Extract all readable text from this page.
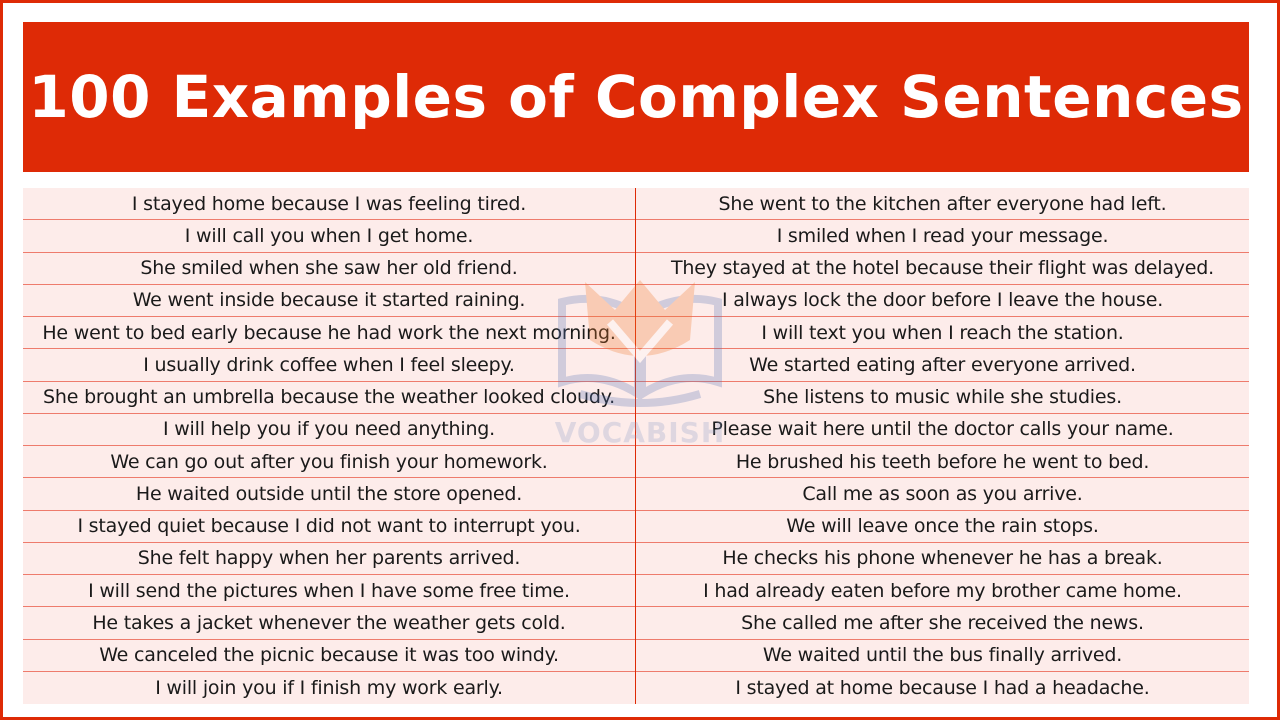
100 Examples of Complex Sentences
I stayed home because I was feeling tired.
I will call you when I get home.
She smiled when she saw her old friend.
We went inside because it started raining.
He went to bed early because he had work the next morning.
I usually drink coffee when I feel sleepy.
She brought an umbrella because the weather looked cloudy.
I will help you if you need anything.
We can go out after you finish your homework.
He waited outside until the store opened.
I stayed quiet because I did not want to interrupt you.
She felt happy when her parents arrived.
I will send the pictures when I have some free time.
He takes a jacket whenever the weather gets cold.
We canceled the picnic because it was too windy.
I will join you if I finish my work early.
She went to the kitchen after everyone had left.
I smiled when I read your message.
They stayed at the hotel because their flight was delayed.
I always lock the door before I leave the house.
I will text you when I reach the station.
We started eating after everyone arrived.
She listens to music while she studies.
Please wait here until the doctor calls your name.
He brushed his teeth before he went to bed.
Call me as soon as you arrive.
We will leave once the rain stops.
He checks his phone whenever he has a break.
I had already eaten before my brother came home.
She called me after she received the news.
We waited until the bus finally arrived.
I stayed at home because I had a headache.
VOCABISH
